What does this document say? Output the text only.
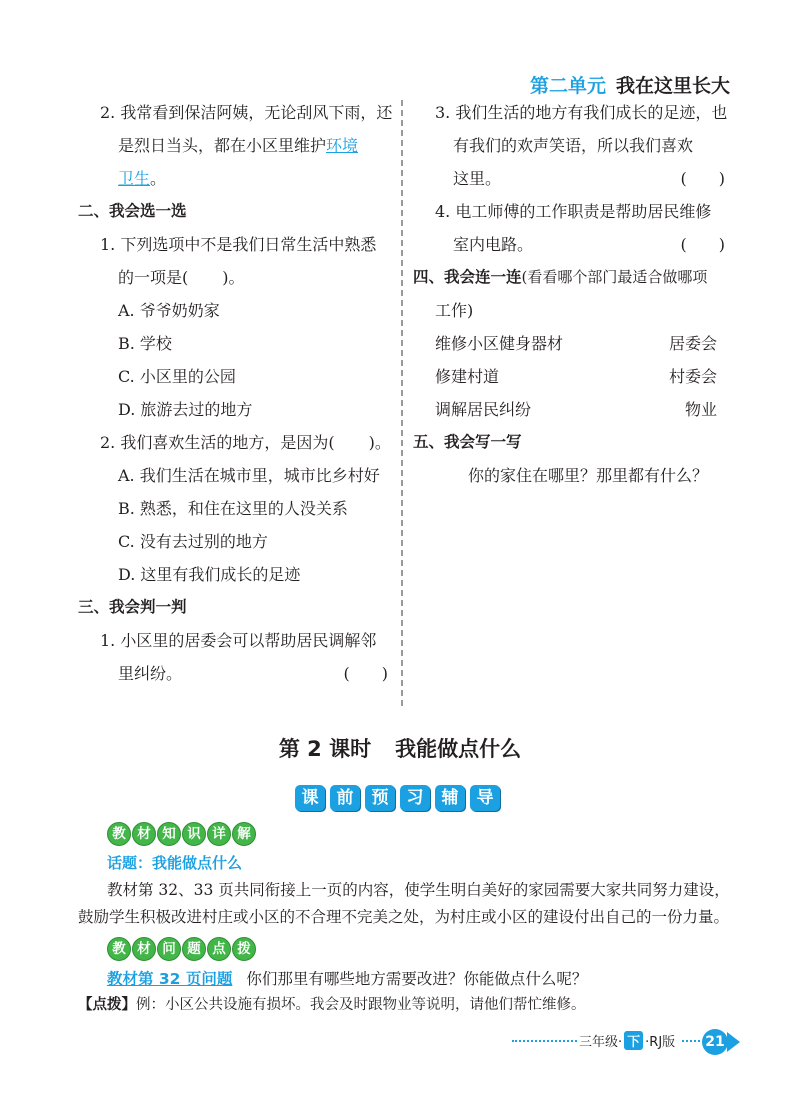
第二单元 我在这里长大
2. 我常看到保洁阿姨，无论刮风下雨，还
是烈日当头，都在小区里维护环境
卫生。
二、我会选一选
1. 下列选项中不是我们日常生活中熟悉
的一项是( )。
A. 爷爷奶奶家
B. 学校
C. 小区里的公园
D. 旅游去过的地方
2. 我们喜欢生活的地方，是因为( )。
A. 我们生活在城市里，城市比乡村好
B. 熟悉，和住在这里的人没关系
C. 没有去过别的地方
D. 这里有我们成长的足迹
三、我会判一判
1. 小区里的居委会可以帮助居民调解邻
里纠纷。	(　　)
3. 我们生活的地方有我们成长的足迹，也
有我们的欢声笑语，所以我们喜欢
这里。	(　　)
4. 电工师傅的工作职责是帮助居民维修
室内电路。	(　　)
四、我会连一连(看看哪个部门最适合做哪项
工作)
维修小区健身器材	居委会
修建村道	村委会
调解居民纠纷	物业
五、我会写一写
你的家住在哪里？那里都有什么？
第 2 课时 我能做点什么
课	前	预	习	辅	导
教 材 知 识 详 解
话题：我能做点什么
教材第 32、33 页共同衔接上一页的内容，使学生明白美好的家园需要大家共同努力建设，鼓励学生积极改进村庄或小区的不合理不完美之处，为村庄或小区的建设付出自己的一份力量。
教 材 问 题 点 拨
教材第 32 页问题 你们那里有哪些地方需要改进？你能做点什么呢？
【点拨】例：小区公共设施有损坏。我会及时跟物业等说明，请他们帮忙维修。
三年级· 下 ·RJ版 21
